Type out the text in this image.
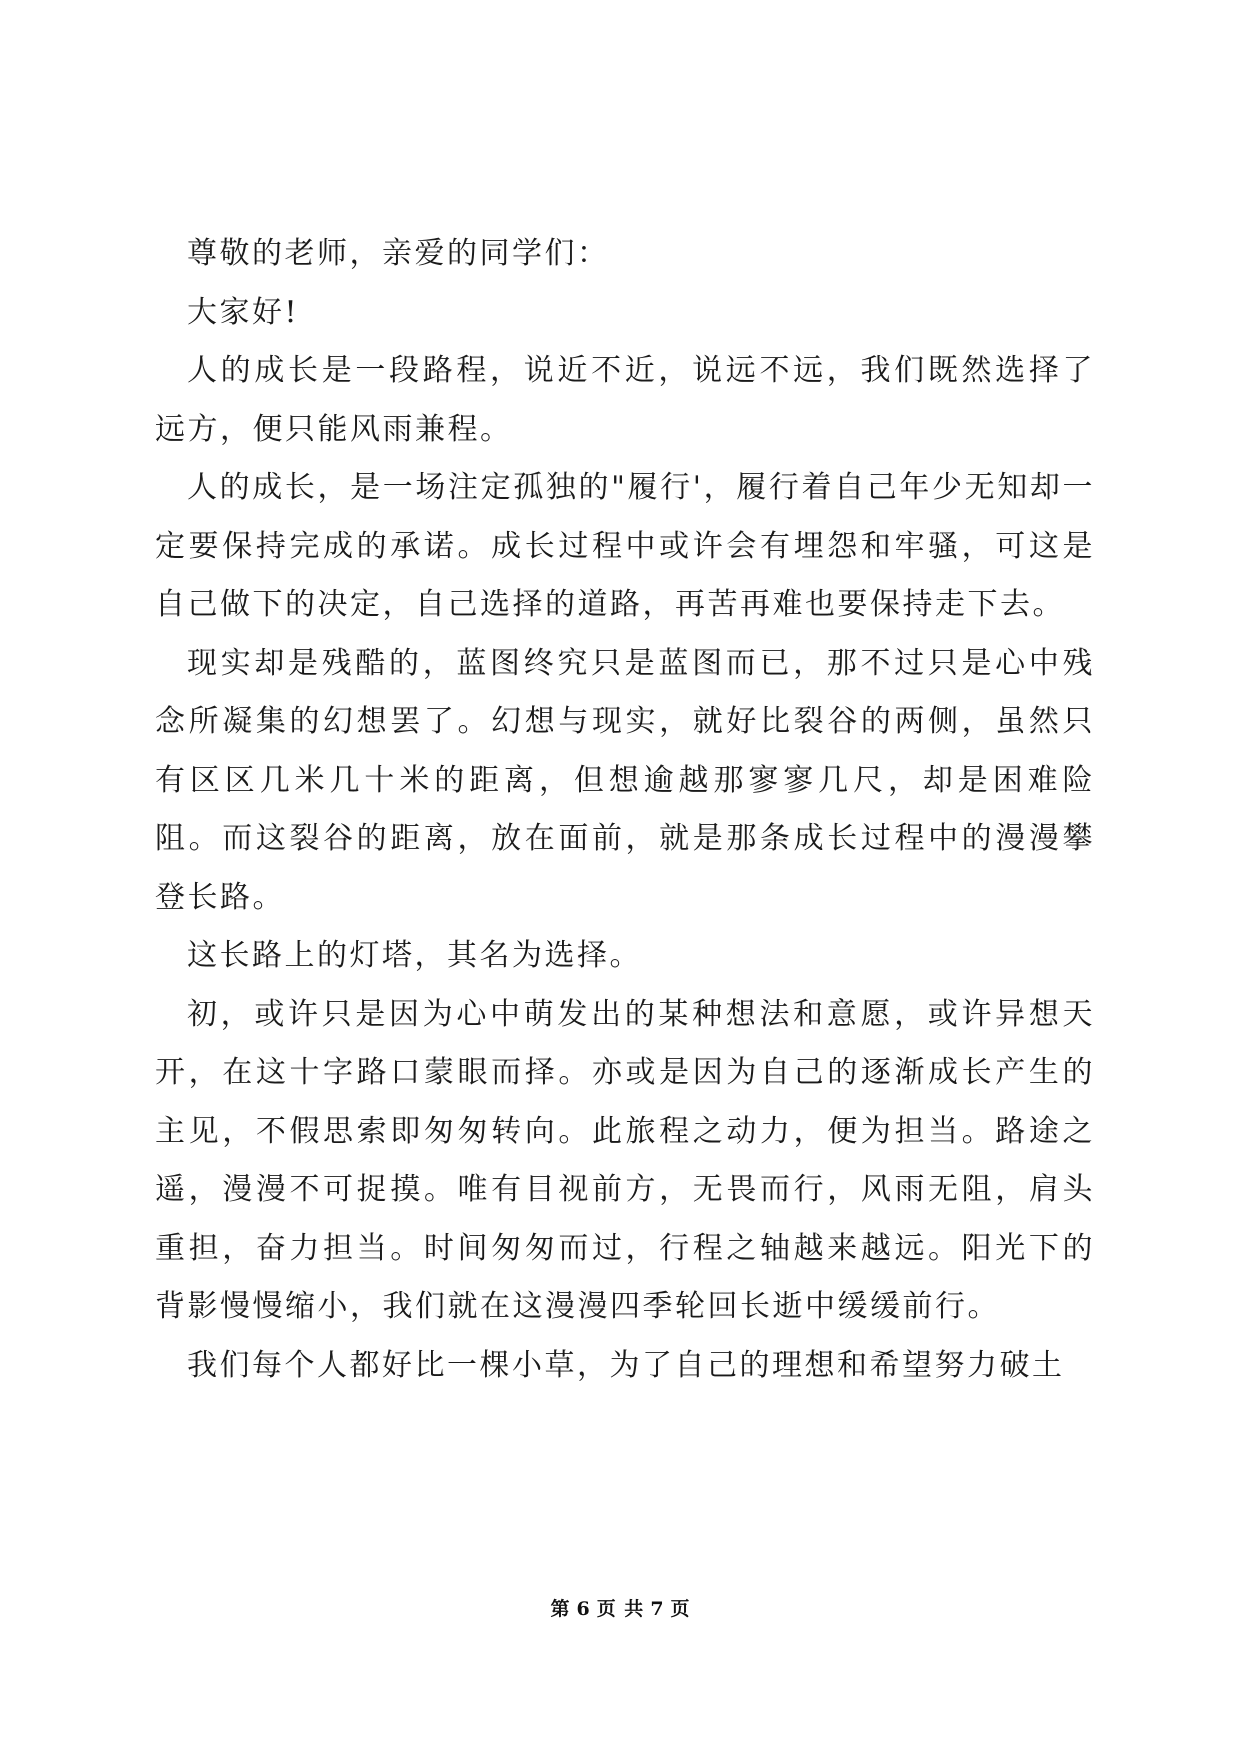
尊敬的老师，亲爱的同学们：

大家好!

人的成长是一段路程，说近不近，说远不远，我们既然选择了远方，便只能风雨兼程。

人的成长，是一场注定孤独的"履行'，履行着自己年少无知却一定要保持完成的承诺。成长过程中或许会有埋怨和牢骚，可这是自己做下的决定，自己选择的道路，再苦再难也要保持走下去。

现实却是残酷的，蓝图终究只是蓝图而已，那不过只是心中残念所凝集的幻想罢了。幻想与现实，就好比裂谷的两侧，虽然只有区区几米几十米的距离，但想逾越那寥寥几尺，却是困难险阻。而这裂谷的距离，放在面前，就是那条成长过程中的漫漫攀登长路。

这长路上的灯塔，其名为选择。

初，或许只是因为心中萌发出的某种想法和意愿，或许异想天开，在这十字路口蒙眼而择。亦或是因为自己的逐渐成长产生的主见，不假思索即匆匆转向。此旅程之动力，便为担当。路途之遥，漫漫不可捉摸。唯有目视前方，无畏而行，风雨无阻，肩头重担，奋力担当。时间匆匆而过，行程之轴越来越远。阳光下的背影慢慢缩小，我们就在这漫漫四季轮回长逝中缓缓前行。

我们每个人都好比一棵小草，为了自己的理想和希望努力破土

第 6 页 共 7 页
